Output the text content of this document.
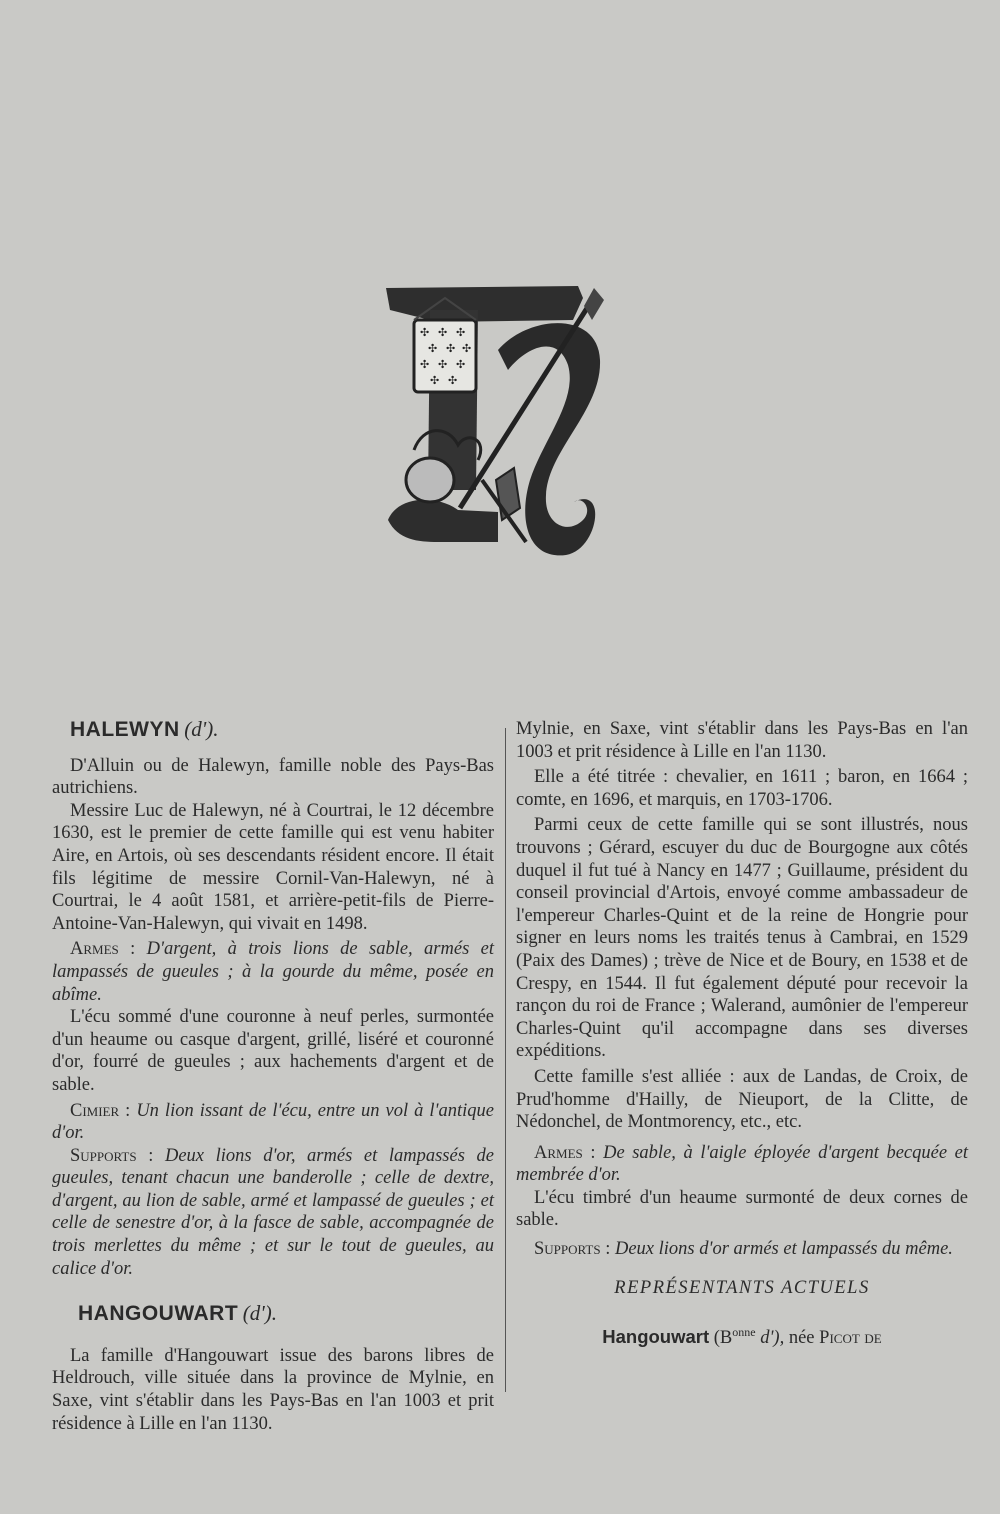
✣ ✣ ✣
✣ ✣ ✣
✣ ✣ ✣
✣ ✣

HALEWYN (d').

D'Alluin ou de Halewyn, famille noble des Pays-Bas autrichiens.

Messire Luc de Halewyn, né à Courtrai, le 12 décembre 1630, est le premier de cette famille qui est venu habiter Aire, en Artois, où ses descendants résident encore. Il était fils légitime de messire Cornil-Van-Halewyn, né à Courtrai, le 4 août 1581, et arrière-petit-fils de Pierre-Antoine-Van-Halewyn, qui vivait en 1498.

Armes : D'argent, à trois lions de sable, armés et lampassés de gueules ; à la gourde du même, posée en abîme.

L'écu sommé d'une couronne à neuf perles, surmontée d'un heaume ou casque d'argent, grillé, liséré et couronné d'or, fourré de gueules ; aux hachements d'argent et de sable.

Cimier : Un lion issant de l'écu, entre un vol à l'antique d'or.

Supports : Deux lions d'or, armés et lampassés de gueules, tenant chacun une banderolle ; celle de dextre, d'argent, au lion de sable, armé et lampassé de gueules ; et celle de senestre d'or, à la fasce de sable, accompagnée de trois merlettes du même ; et sur le tout de gueules, au calice d'or.

HANGOUWART (d').

La famille d'Hangouwart issue des barons libres de Heldrouch, ville située dans la province de Mylnie, en Saxe, vint s'établir dans les Pays-Bas en l'an 1003 et prit résidence à Lille en l'an 1130.

Mylnie, en Saxe, vint s'établir dans les Pays-Bas en l'an 1003 et prit résidence à Lille en l'an 1130.

Elle a été titrée : chevalier, en 1611 ; baron, en 1664 ; comte, en 1696, et marquis, en 1703-1706.

Parmi ceux de cette famille qui se sont illustrés, nous trouvons ; Gérard, escuyer du duc de Bourgogne aux côtés duquel il fut tué à Nancy en 1477 ; Guillaume, président du conseil provincial d'Artois, envoyé comme ambassadeur de l'empereur Charles-Quint et de la reine de Hongrie pour signer en leurs noms les traités tenus à Cambrai, en 1529 (Paix des Dames) ; trève de Nice et de Boury, en 1538 et de Crespy, en 1544. Il fut également député pour recevoir la rançon du roi de France ; Walerand, aumônier de l'empereur Charles-Quint qu'il accompagne dans ses diverses expéditions.

Cette famille s'est alliée : aux de Landas, de Croix, de Prud'homme d'Hailly, de Nieuport, de la Clitte, de Nédonchel, de Montmorency, etc., etc.

Armes : De sable, à l'aigle éployée d'argent becquée et membrée d'or.

L'écu timbré d'un heaume surmonté de deux cornes de sable.

Supports : Deux lions d'or armés et lampassés du même.

REPRÉSENTANTS ACTUELS

Hangouwart ($B^{onne}$ d'), née Picot de
